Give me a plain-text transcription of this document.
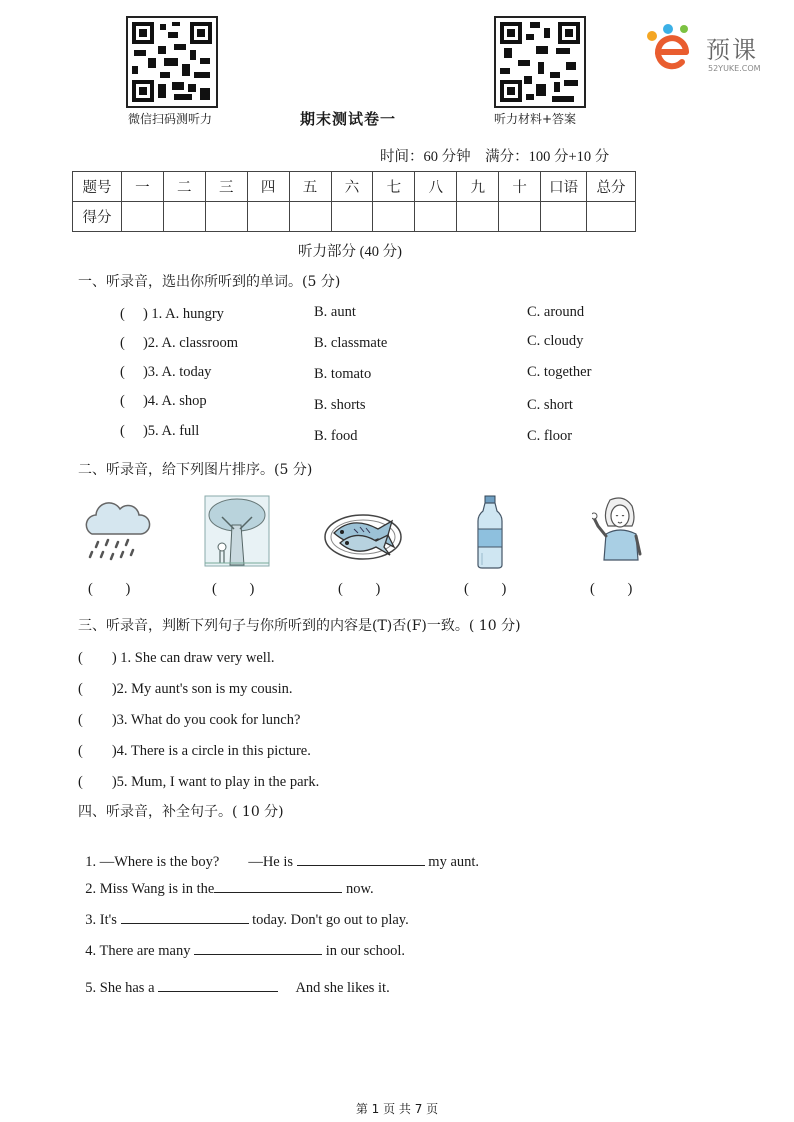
微信扫码测听力	听力材料+答案
预课
52YUKE.COM
期末测试卷一
时间：60 分钟　满分：100 分+10 分
题号	一	二	三	四	五	六	七	八	九	十	口语	总分
得分												
听力部分 (40 分)
一、听录音，选出你所听到的单词。(5 分)
(　 ) 1. A. hungry	B. aunt	C. around
(　 )2. A. classroom	B. classmate	C. cloudy
(　 )3. A. today	B. tomato	C. together
(　 )4. A. shop	B. shorts	C. short
(　 )5. A. full	B. food	C. floor
二、听录音，给下列图片排序。(5 分)
(　 　)	(　 　)	(　 　)	(　 　)	(　 　)
三、听录音，判断下列句子与你所听到的内容是(T)否(F)一致。( 10 分)
(　　) 1. She can draw very well.
(　　)2. My aunt's son is my cousin.
(　　)3. What do you cook for lunch?
(　　)4. There is a circle in this picture.
(　　)5. Mum, I want to play in the park.
四、听录音，补全句子。( 10 分)

1. —Where is the boy?　　—He is	my aunt.

2. Miss Wang is in the	now.

3. It's	today. Don't go out to play.

4. There are many	in our school.

5. She has a	　 And she likes it.

第 1 页 共 7 页
